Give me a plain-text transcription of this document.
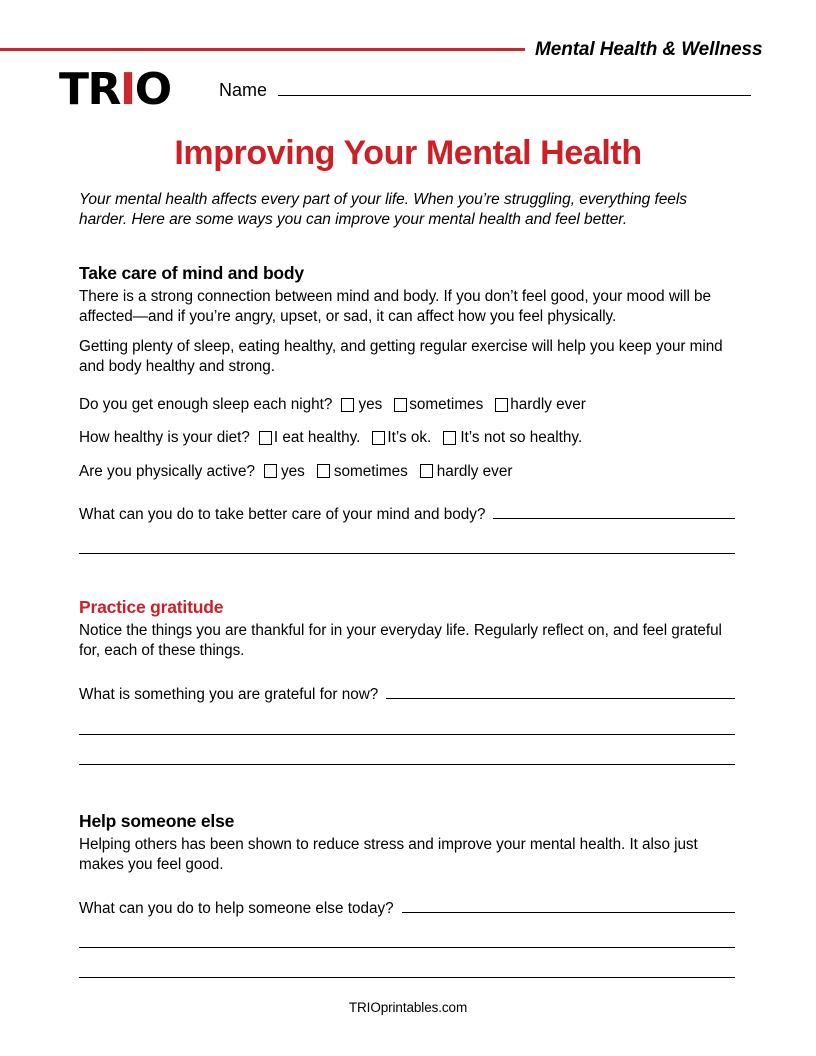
Mental Health & Wellness
TR I O	Name
Improving Your Mental Health
Your mental health affects every part of your life. When you’re struggling, everything feels harder. Here are some ways you can improve your mental health and feel better.
Take care of mind and body

There is a strong connection between mind and body. If you don’t feel good, your mood will be affected—and if you’re angry, upset, or sad, it can affect how you feel physically.

Getting plenty of sleep, eating healthy, and getting regular exercise will help you keep your mind and body healthy and strong.

Do you get enough sleep each night? yes sometimes hardly ever
How healthy is your diet? I eat healthy. It’s ok. It’s not so healthy.
Are you physically active? yes sometimes hardly ever
What can you do to take better care of your mind and body?
Practice gratitude

Notice the things you are thankful for in your everyday life. Regularly reflect on, and feel grateful for, each of these things.

What is something you are grateful for now?
Help someone else

Helping others has been shown to reduce stress and improve your mental health. It also just makes you feel good.

What can you do to help someone else today?
TRIOprintables.com
